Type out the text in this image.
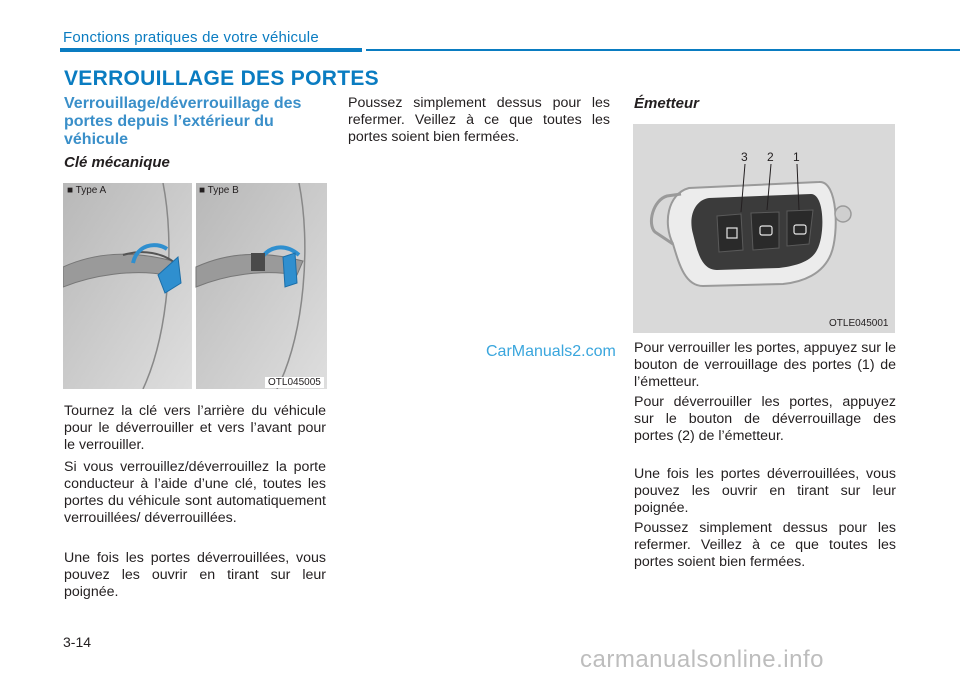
Fonctions pratiques de votre véhicule
VERROUILLAGE DES PORTES
Verrouillage/déverrouillage des portes depuis l’extérieur du véhicule
Clé mécanique
■ Type A	■ Type B
OTL045005

Tournez la clé vers l’arrière du véhicule pour le déverrouiller et vers l’avant pour le verrouiller.

Si vous verrouillez/déverrouillez la porte conducteur à l’aide d’une clé, toutes les portes du véhicule sont automatiquement verrouillées/ déverrouillées.

Une fois les portes déverrouillées, vous pouvez les ouvrir en tirant sur leur poignée.

Poussez simplement dessus pour les refermer. Veillez à ce que toutes les portes soient bien fermées.

CarManuals2.com
Émetteur
3 2 1
OTLE045001

Pour verrouiller les portes, appuyez sur le bouton de verrouillage des portes (1) de l’émetteur.

Pour déverrouiller les portes, appuyez sur le bouton de déverrouillage des portes (2) de l’émetteur.

Une fois les portes déverrouillées, vous pouvez les ouvrir en tirant sur leur poignée.

Poussez simplement dessus pour les refermer. Veillez à ce que toutes les portes soient bien fermées.

3-14
carmanualsonline.info
